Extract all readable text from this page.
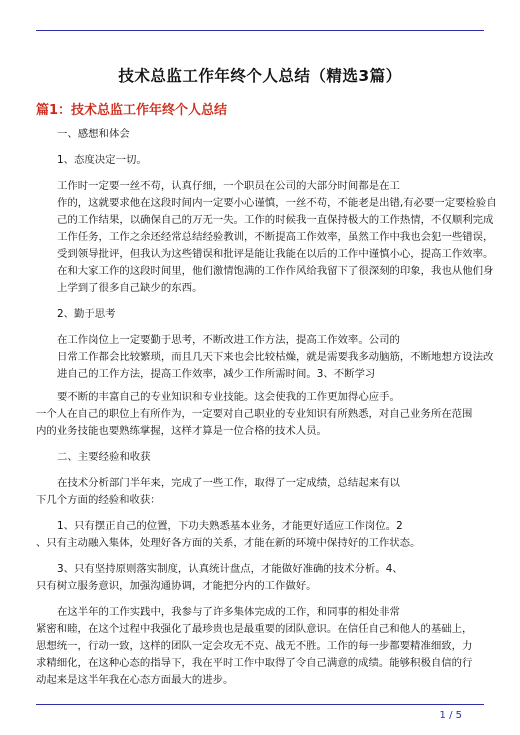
技术总监工作年终个人总结（精选3篇）
篇1：技术总监工作年终个人总结

一、感想和体会

1、态度决定一切。

工作时一定要一丝不苟，认真仔细，一个职员在公司的大部分时间都是在工
作的，这就要求他在这段时间内一定要小心谨慎，一丝不苟，不能老是出错,有必要一定要检验自
己的工作结果，以确保自己的万无一失。工作的时候我一直保持极大的工作热情，不仅顺利完成
工作任务，工作之余还经常总结经验教训，不断提高工作效率，虽然工作中我也会犯一些错误，
受到领导批评，但我认为这些错误和批评是能让我能在以后的工作中谨慎小心，提高工作效率。
在和大家工作的这段时间里，他们激情饱满的工作作风给我留下了很深刻的印象，我也从他们身
上学到了很多自己缺少的东西。

2、勤于思考

在工作岗位上一定要勤于思考，不断改进工作方法，提高工作效率。公司的
日常工作都会比较繁琐，而且几天下来也会比较枯燥，就是需要我多动脑筋，不断地想方设法改
进自己的工作方法，提高工作效率，减少工作所需时间。3、不断学习

要不断的丰富自己的专业知识和专业技能。这会使我的工作更加得心应手。
一个人在自己的职位上有所作为，一定要对自己职业的专业知识有所熟悉，对自己业务所在范围
内的业务技能也要熟练掌握，这样才算是一位合格的技术人员。

二、主要经验和收获

在技术分析部门半年来，完成了一些工作，取得了一定成绩，总结起来有以
下几个方面的经验和收获：

1、只有摆正自己的位置，下功夫熟悉基本业务，才能更好适应工作岗位。2
、只有主动融入集体，处理好各方面的关系，才能在新的环境中保持好的工作状态。

3、只有坚持原则落实制度，认真统计盘点，才能做好准确的技术分析。4、
只有树立服务意识，加强沟通协调，才能把分内的工作做好。

在这半年的工作实践中，我参与了许多集体完成的工作，和同事的相处非常
紧密和睦，在这个过程中我强化了最珍贵也是最重要的团队意识。在信任自己和他人的基础上，
思想统一，行动一致，这样的团队一定会攻无不克、战无不胜。工作的每一步都要精准细致，力
求精细化，在这种心态的指导下，我在平时工作中取得了令自己满意的成绩。能够积极自信的行
动起来是这半年我在心态方面最大的进步。

1 / 5
